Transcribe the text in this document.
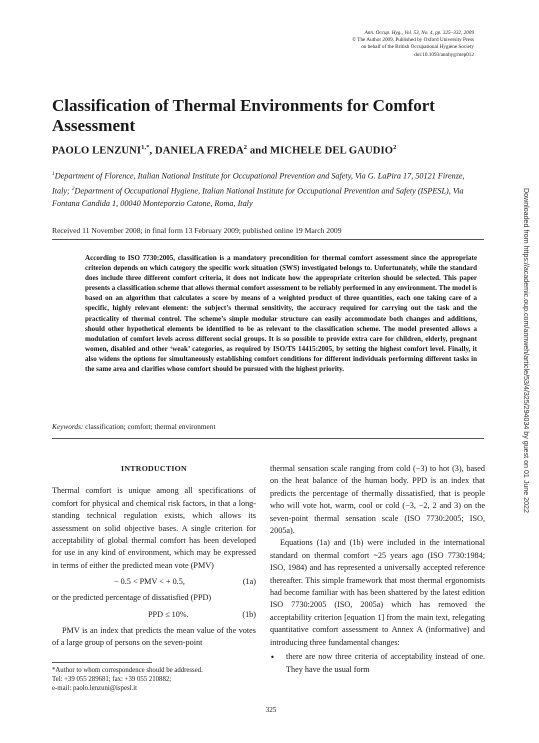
Ann. Occup. Hyg., Vol. 53, No. 4, pp. 325–332, 2009
© The Author 2009. Published by Oxford University Press
on behalf of the British Occupational Hygiene Society
doi:10.1093/annhyg/mep012
Classification of Thermal Environments for Comfort Assessment
PAOLO $LENZUNI^{1,*}$, DANIELA FREDA$^2$ and MICHELE DEL GAUDIO$^2$
$^1$Department of Florence, Italian National Institute for Occupational Prevention and Safety, Via G. LaPira 17, 50121 Firenze, Italy; $^2$Department of Occupational Hygiene, Italian National Institute for Occupational Prevention and Safety (ISPESL), Via Fontana Candida 1, 00040 Monteporzio Catone, Roma, Italy
Received 11 November 2008; in final form 13 February 2009; published online 19 March 2009
According to ISO 7730:2005, classification is a mandatory precondition for thermal comfort assessment since the appropriate criterion depends on which category the specific work situation (SWS) investigated belongs to. Unfortunately, while the standard does include three different comfort criteria, it does not indicate how the appropriate criterion should be selected. This paper presents a classification scheme that allows thermal comfort assessment to be reliably performed in any environment. The model is based on an algorithm that calculates a score by means of a weighted product of three quantities, each one taking care of a specific, highly relevant element: the subject’s thermal sensitivity, the accuracy required for carrying out the task and the practicality of thermal control. The scheme’s simple modular structure can easily accommodate both changes and additions, should other hypothetical elements be identified to be as relevant to the classification scheme. The model presented allows a modulation of comfort levels across different social groups. It is so possible to provide extra care for children, elderly, pregnant women, disabled and other ‘weak’ categories, as required by ISO/TS 14415:2005, by setting the highest comfort level. Finally, it also widens the options for simultaneously establishing comfort conditions for different individuals performing different tasks in the same area and clarifies whose comfort should be pursued with the highest priority.
Keywords: classification; comfort; thermal environment	Downloaded from https://academic.oup.com/annweh/article/53/4/325/294034 by guest on 01 June 2022
INTRODUCTION

Thermal comfort is unique among all specifications of comfort for physical and chemical risk factors, in that a long-standing technical regulation exists, which allows its assessment on solid objective bases. A single criterion for acceptability of global thermal comfort has been developed for use in any kind of environment, which may be expressed in terms of either the predicted mean vote (PMV)

− 0.5 < PMV < + 0.5,	(1a)

or the predicted percentage of dissatisfied (PPD)

PPD ≤ 10%.	(1b)

PMV is an index that predicts the mean value of the votes of a large group of persons on the seven-point

*Author to whom correspondence should be addressed.
Tel: +39 055 289681; fax: +39 055 210882;
e-mail: paolo.lenzuni@ispesl.it

thermal sensation scale ranging from cold (−3) to hot (3), based on the heat balance of the human body. PPD is an index that predicts the percentage of thermally dissatisfied, that is people who will vote hot, warm, cool or cold (−3, −2, 2 and 3) on the seven-point thermal sensation scale (ISO 7730:2005; ISO, 2005a).

Equations (1a) and (1b) were included in the international standard on thermal comfort ~25 years ago (ISO 7730:1984; ISO, 1984) and has represented a universally accepted reference thereafter. This simple framework that most thermal ergonomists had become familiar with has been shattered by the latest edition ISO 7730:2005 (ISO, 2005a) which has removed the acceptability criterion [equation 1] from the main text, relegating quantitative comfort assessment to Annex A (informative) and introducing three fundamental changes:

•	there are now three criteria of acceptability instead of one. They have the usual form
325
